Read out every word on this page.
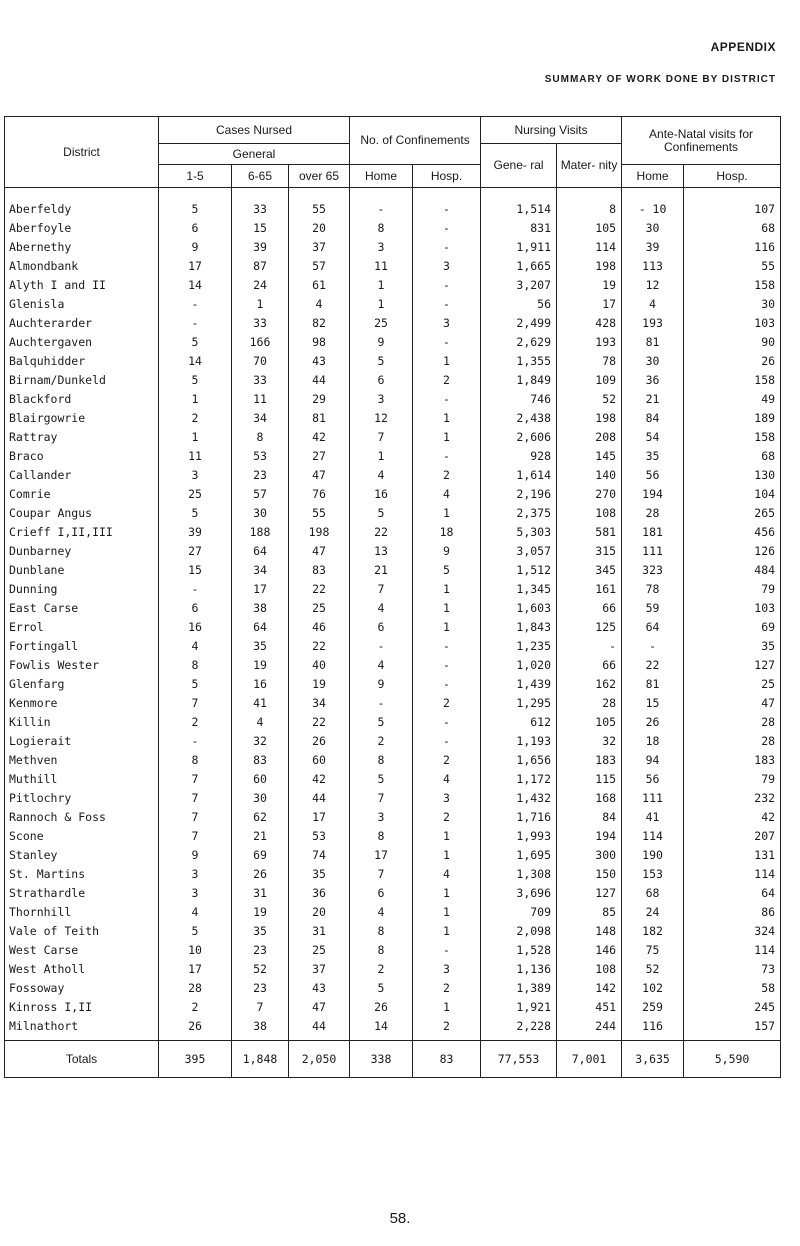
APPENDIX
SUMMARY OF WORK DONE BY DISTRICT
District	Cases Nursed			No. of Confinements		Nursing Visits		Ante-Natal visits for Confinements	
	General					Gene- ral	Mater- nity		
	1-5	6-65	over 65	Home	Hosp.			Home	Hosp.
Aberfeldy	5	33	55	-	-	1,514	8	- 10	107
Aberfoyle	6	15	20	8	-	831	105	30	68
Abernethy	9	39	37	3	-	1,911	114	39	116
Almondbank	17	87	57	11	3	1,665	198	113	55
Alyth I and II	14	24	61	1	-	3,207	19	12	158
Glenisla	-	1	4	1	-	56	17	4	30
Auchterarder	-	33	82	25	3	2,499	428	193	103
Auchtergaven	5	166	98	9	-	2,629	193	81	90
Balquhidder	14	70	43	5	1	1,355	78	30	26
Birnam/Dunkeld	5	33	44	6	2	1,849	109	36	158
Blackford	1	11	29	3	-	746	52	21	49
Blairgowrie	2	34	81	12	1	2,438	198	84	189
Rattray	1	8	42	7	1	2,606	208	54	158
Braco	11	53	27	1	-	928	145	35	68
Callander	3	23	47	4	2	1,614	140	56	130
Comrie	25	57	76	16	4	2,196	270	194	104
Coupar Angus	5	30	55	5	1	2,375	108	28	265
Crieff I,II,III	39	188	198	22	18	5,303	581	181	456
Dunbarney	27	64	47	13	9	3,057	315	111	126
Dunblane	15	34	83	21	5	1,512	345	323	484
Dunning	-	17	22	7	1	1,345	161	78	79
East Carse	6	38	25	4	1	1,603	66	59	103
Errol	16	64	46	6	1	1,843	125	64	69
Fortingall	4	35	22	-	-	1,235	-	-	35
Fowlis Wester	8	19	40	4	-	1,020	66	22	127
Glenfarg	5	16	19	9	-	1,439	162	81	25
Kenmore	7	41	34	-	2	1,295	28	15	47
Killin	2	4	22	5	-	612	105	26	28
Logierait	-	32	26	2	-	1,193	32	18	28
Methven	8	83	60	8	2	1,656	183	94	183
Muthill	7	60	42	5	4	1,172	115	56	79
Pitlochry	7	30	44	7	3	1,432	168	111	232
Rannoch & Foss	7	62	17	3	2	1,716	84	41	42
Scone	7	21	53	8	1	1,993	194	114	207
Stanley	9	69	74	17	1	1,695	300	190	131
St. Martins	3	26	35	7	4	1,308	150	153	114
Strathardle	3	31	36	6	1	3,696	127	68	64
Thornhill	4	19	20	4	1	709	85	24	86
Vale of Teith	5	35	31	8	1	2,098	148	182	324
West Carse	10	23	25	8	-	1,528	146	75	114
West Atholl	17	52	37	2	3	1,136	108	52	73
Fossoway	28	23	43	5	2	1,389	142	102	58
Kinross I,II	2	7	47	26	1	1,921	451	259	245
Milnathort	26	38	44	14	2	2,228	244	116	157
Totals	395	1,848	2,050	338	83	77,553	7,001	3,635	5,590
58.
